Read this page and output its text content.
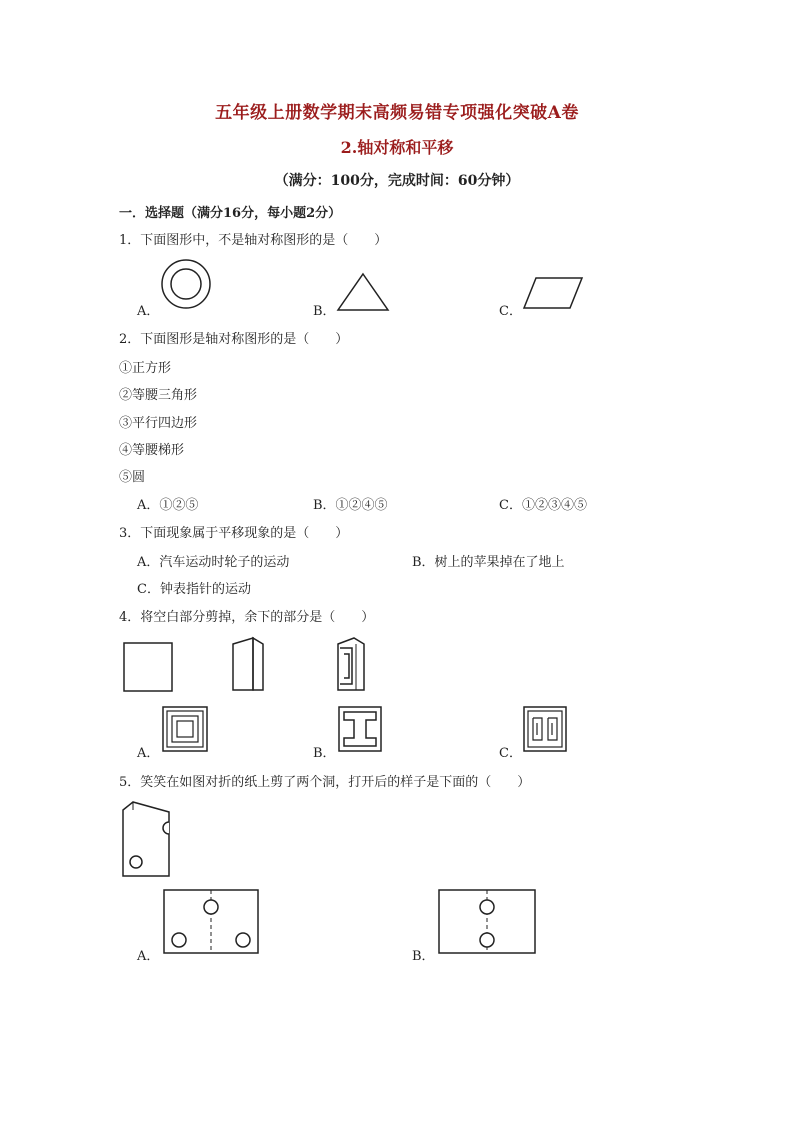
五年级上册数学期末高频易错专项强化突破A卷
2.轴对称和平移
（满分：100分，完成时间：60分钟）
一．选择题（满分16分，每小题2分）
1．下面图形中，不是轴对称图形的是（　　）
A．	B．	C．
2．下面图形是轴对称图形的是（　　）
①正方形
②等腰三角形
③平行四边形
④等腰梯形
⑤圆
A．①②⑤	B．①②④⑤	C．①②③④⑤
3．下面现象属于平移现象的是（　　）
A．汽车运动时轮子的运动	B．树上的苹果掉在了地上
C．钟表指针的运动
4．将空白部分剪掉，余下的部分是（　　）
A．	B．	C．
5．笑笑在如图对折的纸上剪了两个洞，打开后的样子是下面的（　　）
A．	B．
